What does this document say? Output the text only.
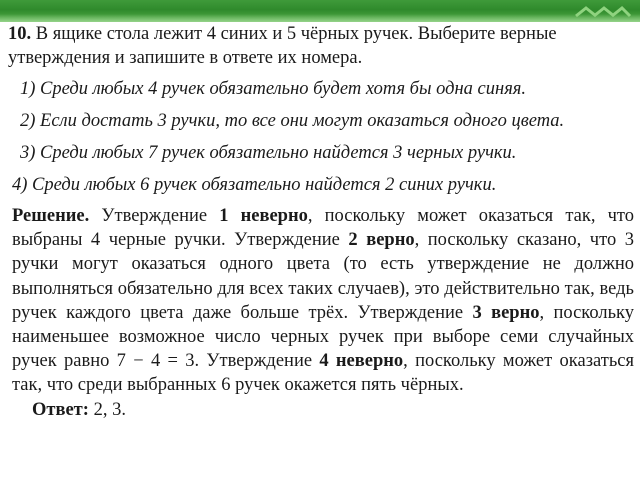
10. В ящике стола лежит 4 синих и 5 чёрных ручек. Выберите верные утверждения и запишите в ответе их номера.

1) Среди любых 4 ручек обязательно будет хотя бы одна синяя.

2) Если достать 3 ручки, то все они могут оказаться одного цвета.

3) Среди любых 7 ручек обязательно найдется 3 черных ручки.

4) Среди любых 6 ручек обязательно найдется 2 синих ручки.

Решение. Утверждение 1 неверно, поскольку может оказаться так, что выбраны 4 черные ручки. Утверждение 2 верно, поскольку сказано, что 3 ручки могут оказаться одного цвета (то есть утверждение не должно выполняться обязательно для всех таких случаев), это действительно так, ведь ручек каждого цвета даже больше трёх. Утверждение 3 верно, поскольку наименьшее возможное число черных ручек при выборе семи случайных ручек равно 7 − 4 = 3. Утверждение 4 неверно, поскольку может оказаться так, что среди выбранных 6 ручек окажется пять чёрных.

Ответ: 2, 3.
